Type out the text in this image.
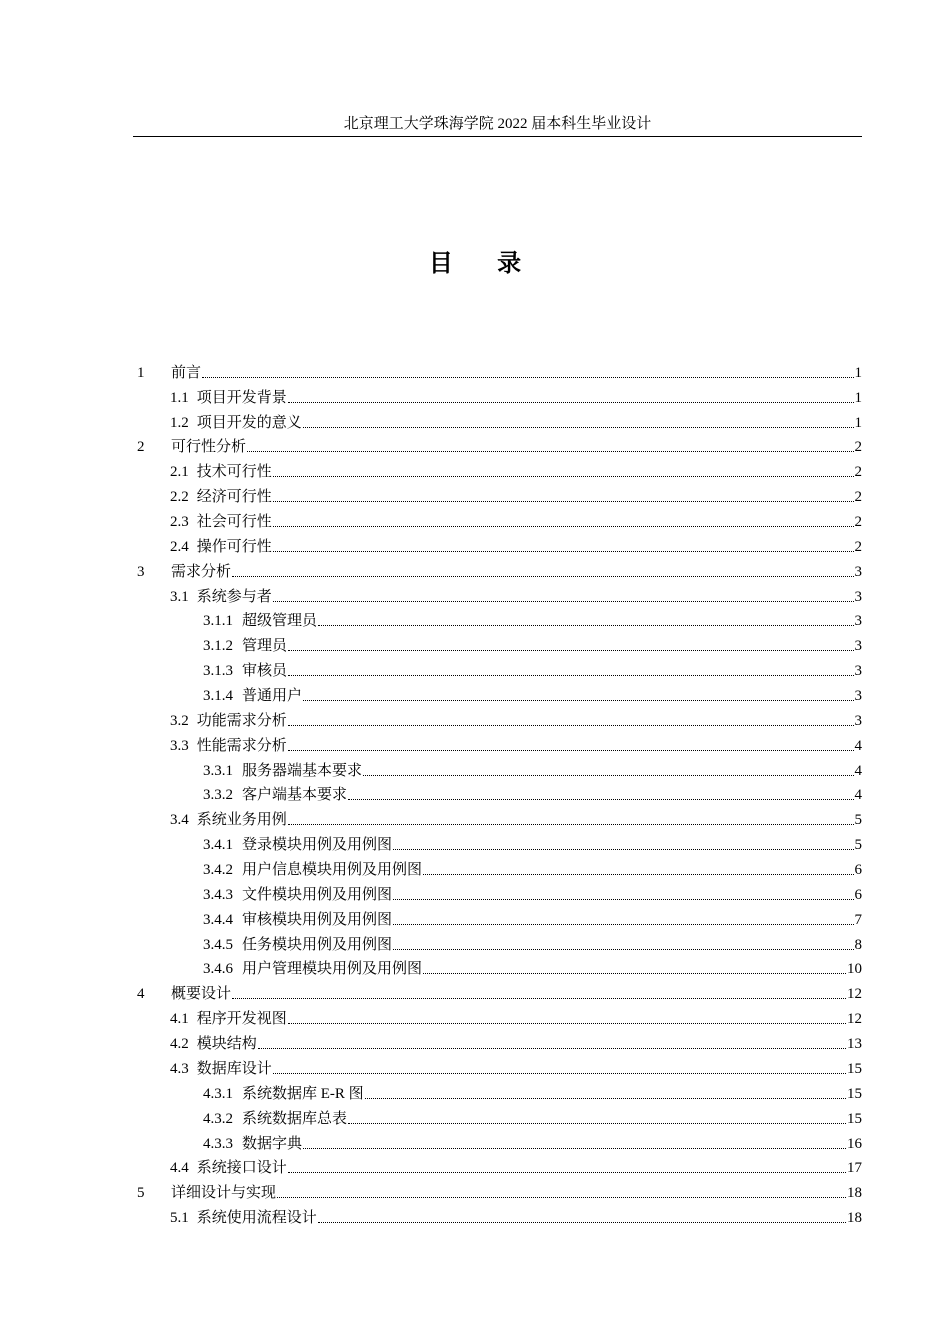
北京理工大学珠海学院 2022 届本科生毕业设计
目 录
1	前言	1
1.1 项目开发背景	1
1.2 项目开发的意义	1
2	可行性分析	2
2.1 技术可行性	2
2.2 经济可行性	2
2.3 社会可行性	2
2.4 操作可行性	2
3	需求分析	3
3.1 系统参与者	3
3.1.1 超级管理员	3
3.1.2 管理员	3
3.1.3 审核员	3
3.1.4 普通用户	3
3.2 功能需求分析	3
3.3 性能需求分析	4
3.3.1 服务器端基本要求	4
3.3.2 客户端基本要求	4
3.4 系统业务用例	5
3.4.1 登录模块用例及用例图	5
3.4.2 用户信息模块用例及用例图	6
3.4.3 文件模块用例及用例图	6
3.4.4 审核模块用例及用例图	7
3.4.5 任务模块用例及用例图	8
3.4.6 用户管理模块用例及用例图	10
4	概要设计	12
4.1 程序开发视图	12
4.2 模块结构	13
4.3 数据库设计	15
4.3.1 系统数据库 E-R 图	15
4.3.2 系统数据库总表	15
4.3.3 数据字典	16
4.4 系统接口设计	17
5	详细设计与实现	18
5.1 系统使用流程设计	18
